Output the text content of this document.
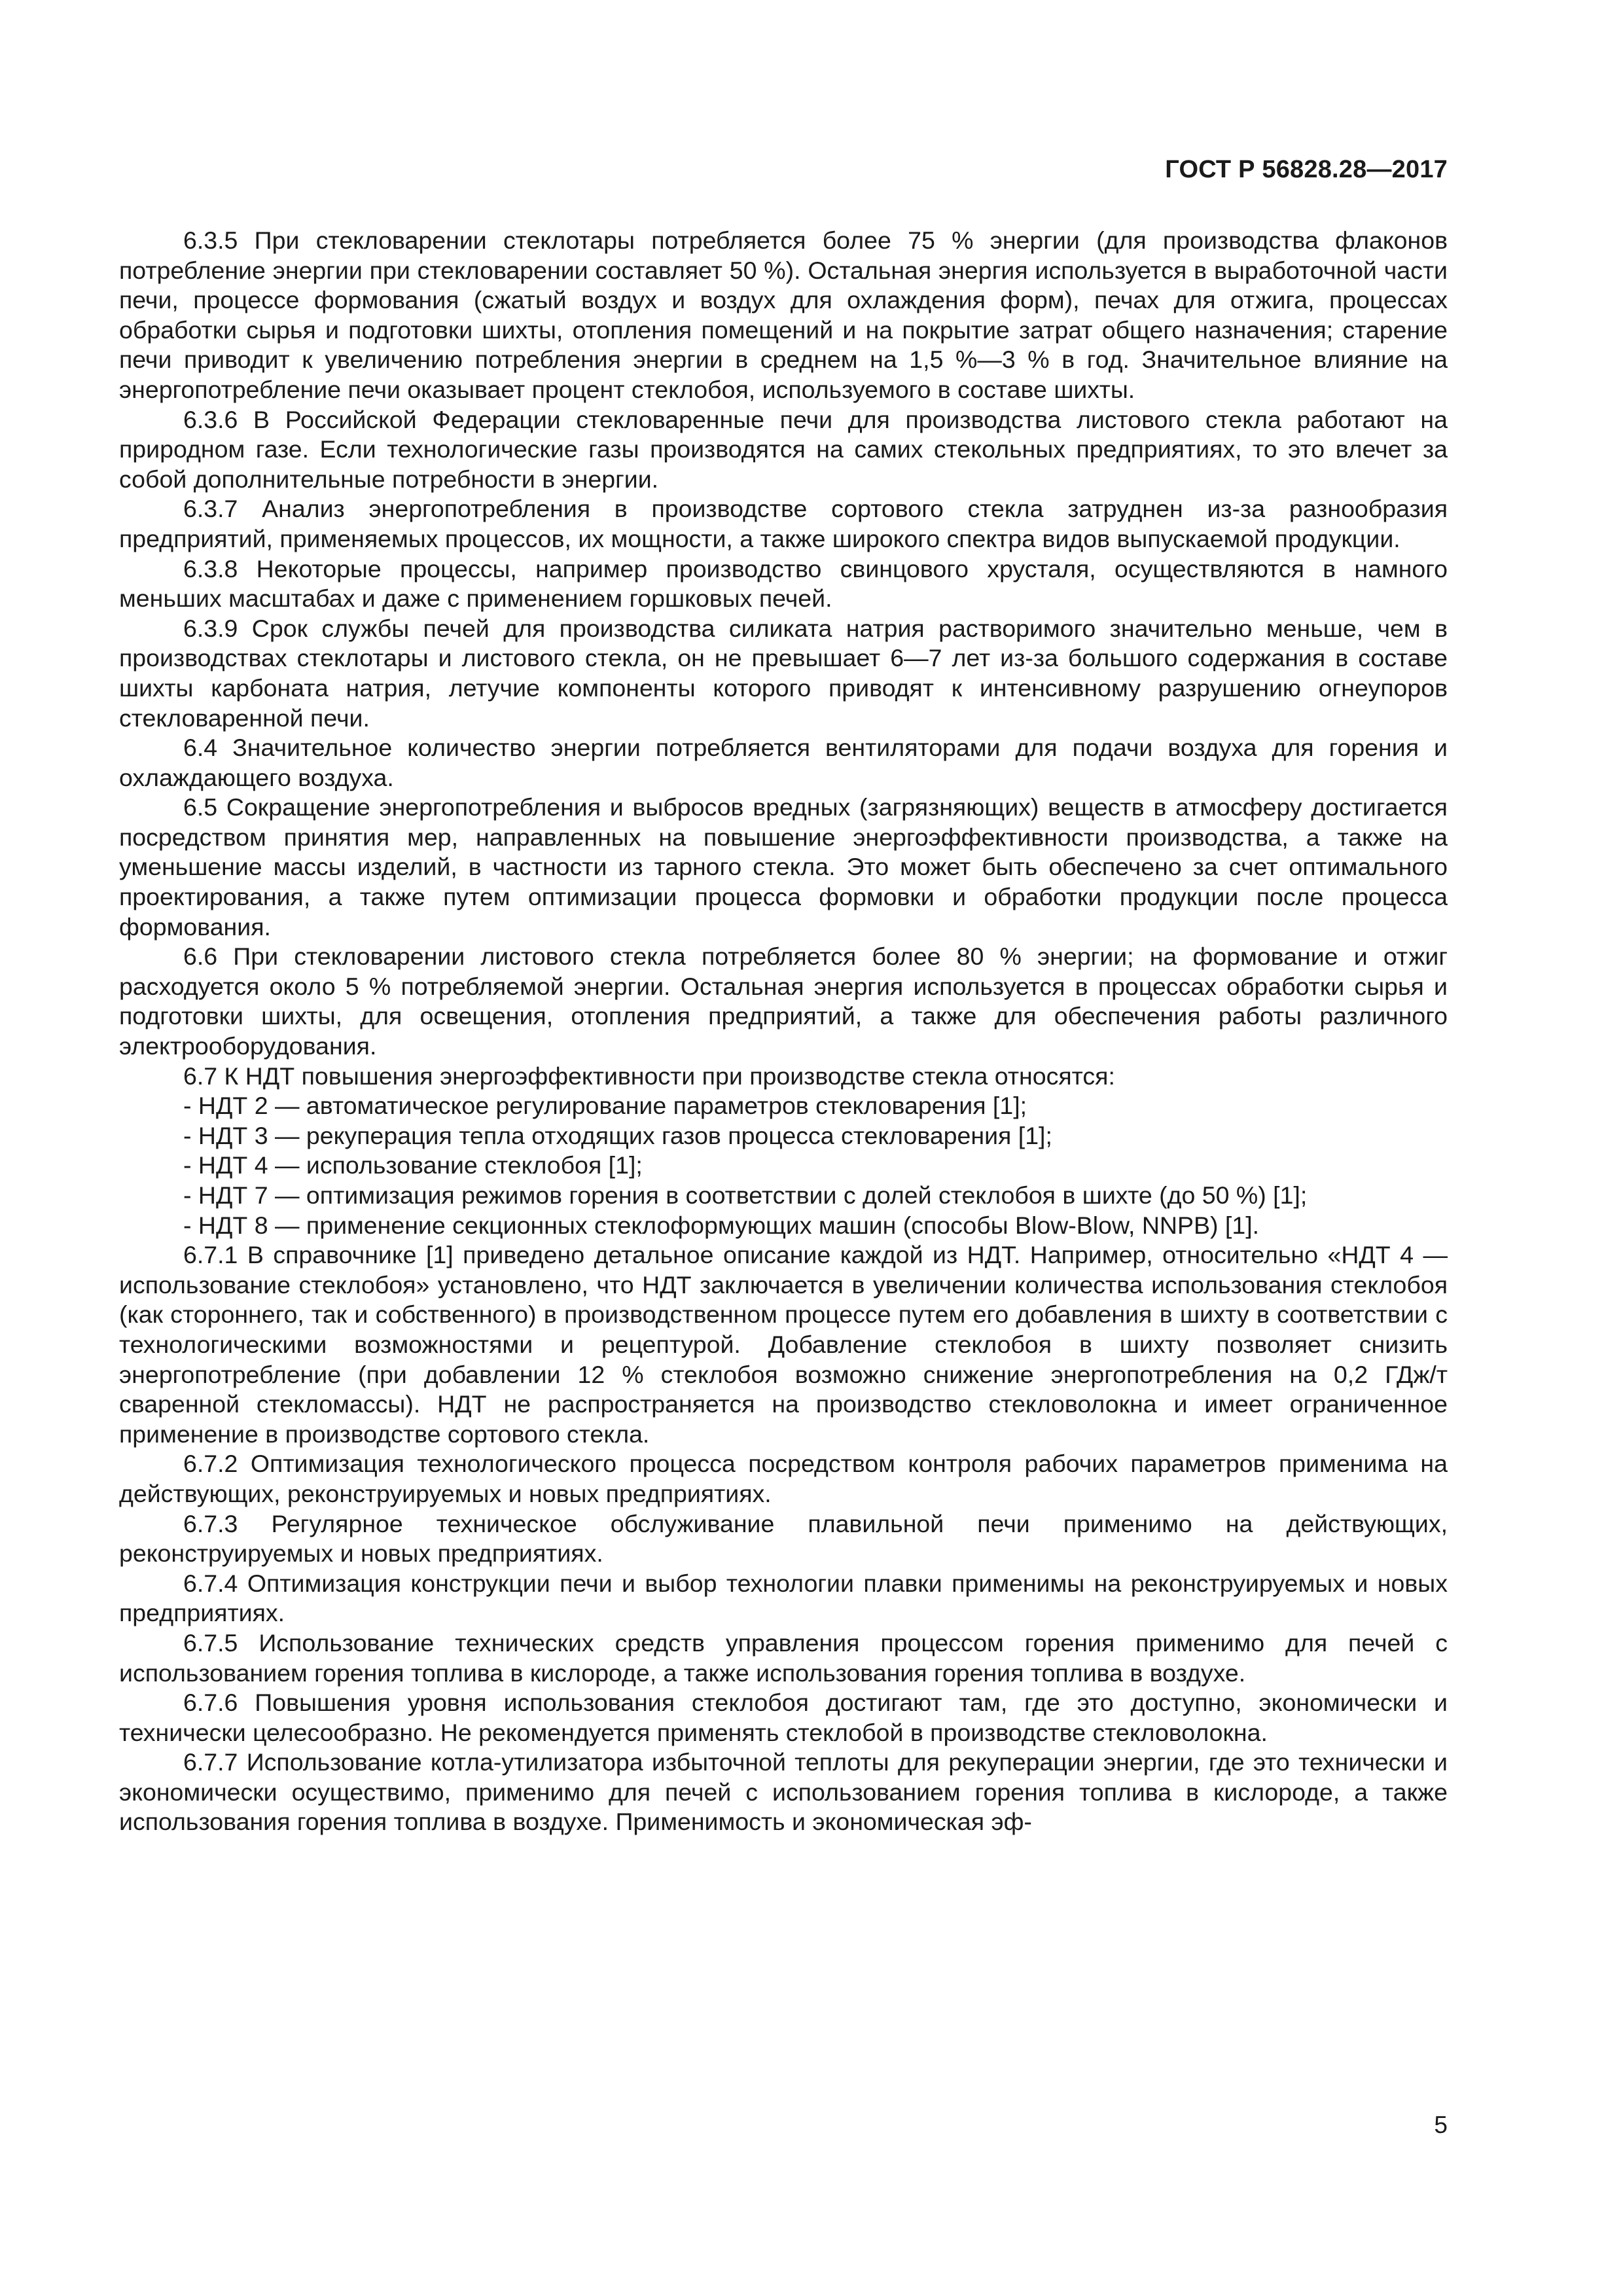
ГОСТ Р 56828.28—2017

6.3.5 При стекловарении стеклотары потребляется более 75 % энергии (для производства флаконов потребление энергии при стекловарении составляет 50 %). Остальная энергия используется в выработочной части печи, процессе формования (сжатый воздух и воздух для охлаждения форм), печах для отжига, процессах обработки сырья и подготовки шихты, отопления помещений и на покрытие затрат общего назначения; старение печи приводит к увеличению потребления энергии в среднем на 1,5 %—3 % в год. Значительное влияние на энергопотребление печи оказывает процент стеклобоя, используемого в составе шихты.

6.3.6 В Российской Федерации стекловаренные печи для производства листового стекла работают на природном газе. Если технологические газы производятся на самих стекольных предприятиях, то это влечет за собой дополнительные потребности в энергии.

6.3.7 Анализ энергопотребления в производстве сортового стекла затруднен из-за разнообразия предприятий, применяемых процессов, их мощности, а также широкого спектра видов выпускаемой продукции.

6.3.8 Некоторые процессы, например производство свинцового хрусталя, осуществляются в намного меньших масштабах и даже с применением горшковых печей.

6.3.9 Срок службы печей для производства силиката натрия растворимого значительно меньше, чем в производствах стеклотары и листового стекла, он не превышает 6—7 лет из-за большого содержания в составе шихты карбоната натрия, летучие компоненты которого приводят к интенсивному разрушению огнеупоров стекловаренной печи.

6.4 Значительное количество энергии потребляется вентиляторами для подачи воздуха для горения и охлаждающего воздуха.

6.5 Сокращение энергопотребления и выбросов вредных (загрязняющих) веществ в атмосферу достигается посредством принятия мер, направленных на повышение энергоэффективности производства, а также на уменьшение массы изделий, в частности из тарного стекла. Это может быть обеспечено за счет оптимального проектирования, а также путем оптимизации процесса формовки и обработки продукции после процесса формования.

6.6 При стекловарении листового стекла потребляется более 80 % энергии; на формование и отжиг расходуется около 5 % потребляемой энергии. Остальная энергия используется в процессах обработки сырья и подготовки шихты, для освещения, отопления предприятий, а также для обеспечения работы различного электрооборудования.

6.7 К НДТ повышения энергоэффективности при производстве стекла относятся:

- НДТ 2 — автоматическое регулирование параметров стекловарения [1];

- НДТ 3 — рекуперация тепла отходящих газов процесса стекловарения [1];

- НДТ 4 — использование стеклобоя [1];

- НДТ 7 — оптимизация режимов горения в соответствии с долей стеклобоя в шихте (до 50 %) [1];

- НДТ 8 — применение секционных стеклоформующих машин (способы Blow-Blow, NNPB) [1].

6.7.1 В справочнике [1] приведено детальное описание каждой из НДТ. Например, относительно «НДТ 4 — использование стеклобоя» установлено, что НДТ заключается в увеличении количества использования стеклобоя (как стороннего, так и собственного) в производственном процессе путем его добавления в шихту в соответствии с технологическими возможностями и рецептурой. Добавление стеклобоя в шихту позволяет снизить энергопотребление (при добавлении 12 % стеклобоя возможно снижение энергопотребления на 0,2 ГДж/т сваренной стекломассы). НДТ не распространяется на производство стекловолокна и имеет ограниченное применение в производстве сортового стекла.

6.7.2 Оптимизация технологического процесса посредством контроля рабочих параметров применима на действующих, реконструируемых и новых предприятиях.

6.7.3 Регулярное техническое обслуживание плавильной печи применимо на действующих, реконструируемых и новых предприятиях.

6.7.4 Оптимизация конструкции печи и выбор технологии плавки применимы на реконструируемых и новых предприятиях.

6.7.5 Использование технических средств управления процессом горения применимо для печей с использованием горения топлива в кислороде, а также использования горения топлива в воздухе.

6.7.6 Повышения уровня использования стеклобоя достигают там, где это доступно, экономически и технически целесообразно. Не рекомендуется применять стеклобой в производстве стекловолокна.

6.7.7 Использование котла-утилизатора избыточной теплоты для рекуперации энергии, где это технически и экономически осуществимо, применимо для печей с использованием горения топлива в кислороде, а также использования горения топлива в воздухе. Применимость и экономическая эф-

5
